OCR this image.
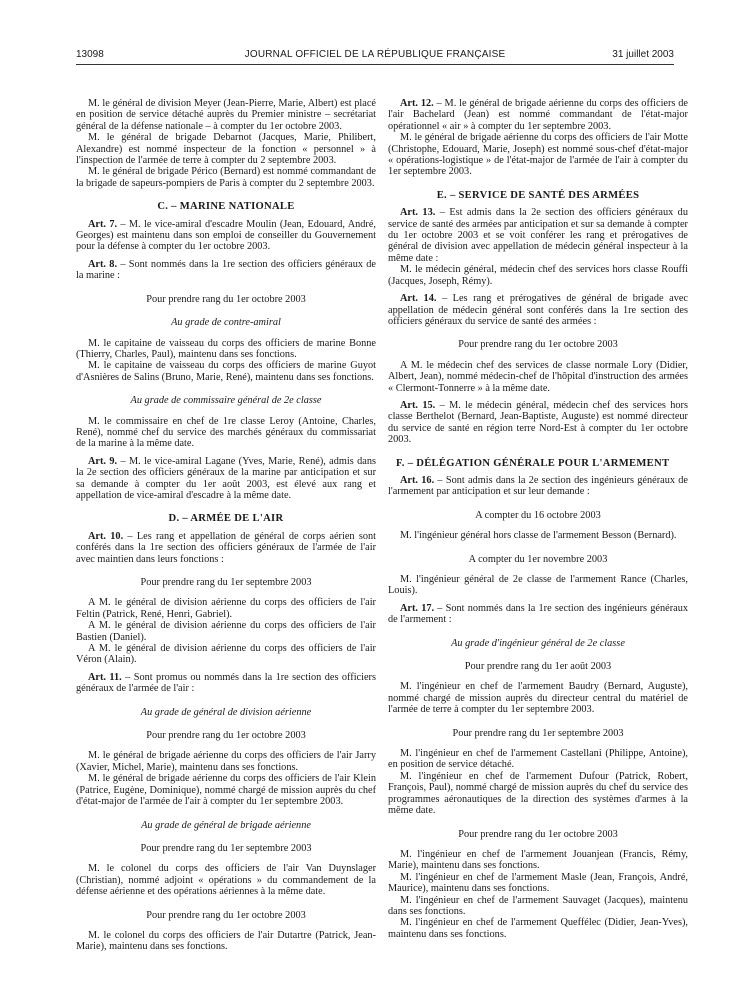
13098	JOURNAL OFFICIEL DE LA RÉPUBLIQUE FRANÇAISE	31 juillet 2003

M. le général de division Meyer (Jean-Pierre, Marie, Albert) est placé en position de service détaché auprès du Premier ministre – secrétariat général de la défense nationale – à compter du 1er octobre 2003.

M. le général de brigade Debarnot (Jacques, Marie, Philibert, Alexandre) est nommé inspecteur de la fonction « personnel » à l'inspection de l'armée de terre à compter du 2 septembre 2003.

M. le général de brigade Périco (Bernard) est nommé commandant de la brigade de sapeurs-pompiers de Paris à compter du 2 septembre 2003.

C. – MARINE NATIONALE

Art. 7. – M. le vice-amiral d'escadre Moulin (Jean, Edouard, André, Georges) est maintenu dans son emploi de conseiller du Gouvernement pour la défense à compter du 1er octobre 2003.

Art. 8. – Sont nommés dans la 1re section des officiers généraux de la marine :

Pour prendre rang du 1er octobre 2003

Au grade de contre-amiral

M. le capitaine de vaisseau du corps des officiers de marine Bonne (Thierry, Charles, Paul), maintenu dans ses fonctions.

M. le capitaine de vaisseau du corps des officiers de marine Guyot d'Asnières de Salins (Bruno, Marie, René), maintenu dans ses fonctions.

Au grade de commissaire général de 2e classe

M. le commissaire en chef de 1re classe Leroy (Antoine, Charles, René), nommé chef du service des marchés généraux du commissariat de la marine à la même date.

Art. 9. – M. le vice-amiral Lagane (Yves, Marie, René), admis dans la 2e section des officiers généraux de la marine par anticipation et sur sa demande à compter du 1er août 2003, est élevé aux rang et appellation de vice-amiral d'escadre à la même date.

D. – ARMÉE DE L'AIR

Art. 10. – Les rang et appellation de général de corps aérien sont conférés dans la 1re section des officiers généraux de l'armée de l'air avec maintien dans leurs fonctions :

Pour prendre rang du 1er septembre 2003

A M. le général de division aérienne du corps des officiers de l'air Feltin (Patrick, René, Henri, Gabriel).

A M. le général de division aérienne du corps des officiers de l'air Bastien (Daniel).

A M. le général de division aérienne du corps des officiers de l'air Véron (Alain).

Art. 11. – Sont promus ou nommés dans la 1re section des officiers généraux de l'armée de l'air :

Au grade de général de division aérienne

Pour prendre rang du 1er octobre 2003

M. le général de brigade aérienne du corps des officiers de l'air Jarry (Xavier, Michel, Marie), maintenu dans ses fonctions.

M. le général de brigade aérienne du corps des officiers de l'air Klein (Patrice, Eugène, Dominique), nommé chargé de mission auprès du chef d'état-major de l'armée de l'air à compter du 1er septembre 2003.

Au grade de général de brigade aérienne

Pour prendre rang du 1er septembre 2003

M. le colonel du corps des officiers de l'air Van Duynslager (Christian), nommé adjoint « opérations » du commandement de la défense aérienne et des opérations aériennes à la même date.

Pour prendre rang du 1er octobre 2003

M. le colonel du corps des officiers de l'air Dutartre (Patrick, Jean-Marie), maintenu dans ses fonctions.

Art. 12. – M. le général de brigade aérienne du corps des officiers de l'air Bachelard (Jean) est nommé commandant de l'état-major opérationnel « air » à compter du 1er septembre 2003.

M. le général de brigade aérienne du corps des officiers de l'air Motte (Christophe, Edouard, Marie, Joseph) est nommé sous-chef d'état-major « opérations-logistique » de l'état-major de l'armée de l'air à compter du 1er septembre 2003.

E. – SERVICE DE SANTÉ DES ARMÉES

Art. 13. – Est admis dans la 2e section des officiers généraux du service de santé des armées par anticipation et sur sa demande à compter du 1er octobre 2003 et se voit conférer les rang et prérogatives de général de division avec appellation de médecin général inspecteur à la même date :

M. le médecin général, médecin chef des services hors classe Rouffi (Jacques, Joseph, Rémy).

Art. 14. – Les rang et prérogatives de général de brigade avec appellation de médecin général sont conférés dans la 1re section des officiers généraux du service de santé des armées :

Pour prendre rang du 1er octobre 2003

A M. le médecin chef des services de classe normale Lory (Didier, Albert, Jean), nommé médecin-chef de l'hôpital d'instruction des armées « Clermont-Tonnerre » à la même date.

Art. 15. – M. le médecin général, médecin chef des services hors classe Berthelot (Bernard, Jean-Baptiste, Auguste) est nommé directeur du service de santé en région terre Nord-Est à compter du 1er octobre 2003.

F. – DÉLÉGATION GÉNÉRALE POUR L'ARMEMENT

Art. 16. – Sont admis dans la 2e section des ingénieurs généraux de l'armement par anticipation et sur leur demande :

A compter du 16 octobre 2003

M. l'ingénieur général hors classe de l'armement Besson (Bernard).

A compter du 1er novembre 2003

M. l'ingénieur général de 2e classe de l'armement Rance (Charles, Louis).

Art. 17. – Sont nommés dans la 1re section des ingénieurs généraux de l'armement :

Au grade d'ingénieur général de 2e classe

Pour prendre rang du 1er août 2003

M. l'ingénieur en chef de l'armement Baudry (Bernard, Auguste), nommé chargé de mission auprès du directeur central du matériel de l'armée de terre à compter du 1er septembre 2003.

Pour prendre rang du 1er septembre 2003

M. l'ingénieur en chef de l'armement Castellani (Philippe, Antoine), en position de service détaché.

M. l'ingénieur en chef de l'armement Dufour (Patrick, Robert, François, Paul), nommé chargé de mission auprès du chef du service des programmes aéronautiques de la direction des systèmes d'armes à la même date.

Pour prendre rang du 1er octobre 2003

M. l'ingénieur en chef de l'armement Jouanjean (Francis, Rémy, Marie), maintenu dans ses fonctions.

M. l'ingénieur en chef de l'armement Masle (Jean, François, André, Maurice), maintenu dans ses fonctions.

M. l'ingénieur en chef de l'armement Sauvaget (Jacques), maintenu dans ses fonctions.

M. l'ingénieur en chef de l'armement Queffélec (Didier, Jean-Yves), maintenu dans ses fonctions.
